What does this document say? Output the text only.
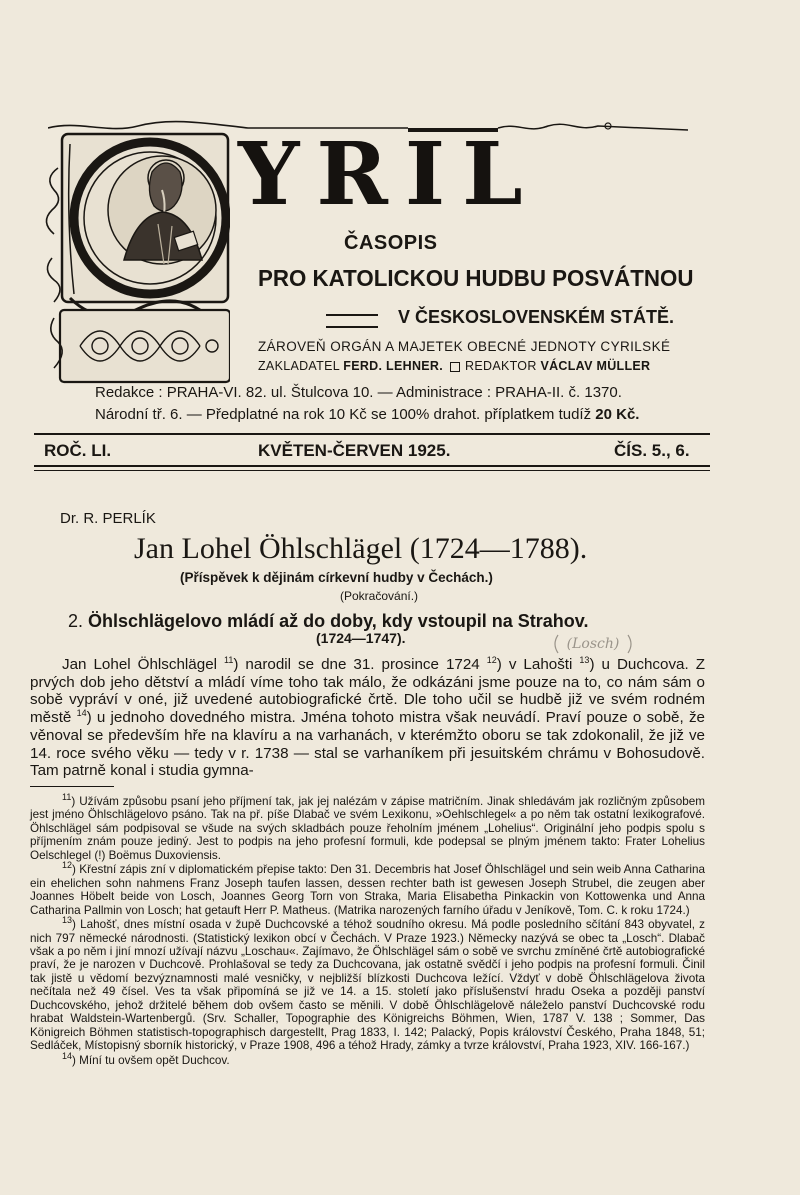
YRIL
ČASOPIS
PRO KATOLICKOU HUDBU POSVÁTNOU
V ČESKOSLOVENSKÉM STÁTĚ.
ZÁROVEŇ ORGÁN A MAJETEK OBECNÉ JEDNOTY CYRILSKÉ
ZAKLADATEL FERD. LEHNER. REDAKTOR VÁCLAV MÜLLER
Redakce : PRAHA-VI. 82. ul. Štulcova 10. — Administrace : PRAHA-II. č. 1370.
Národní tř. 6. — Předplatné na rok 10 Kč se 100% drahot. příplatkem tudíž 20 Kč.
ROČ. LI.	KVĚTEN-ČERVEN 1925.	ČÍS. 5., 6.
Dr. R. PERLÍK
Jan Lohel Öhlschlägel (1724—1788).
(Příspěvek k dějinám církevní hudby v Čechách.)
(Pokračování.)
2. Öhlschlägelovo mládí až do doby, kdy vstoupil na Strahov.
(1724—1747).	(Losch)

Jan Lohel Öhlschlägel $^{11}$) narodil se dne 31. prosince 1724 $^{12}$) v Lahošti $^{13}$) u Duchcova. Z prvých dob jeho dětství a mládí víme toho tak málo, že odkázáni jsme pouze na to, co nám sám o sobě vypráví v oné, již uvedené autobiografické črtě. Dle toho učil se hudbě již ve svém rodném městě $^{14}$) u jednoho dovedného mistra. Jména tohoto mistra však neuvádí. Praví pouze o sobě, že věnoval se především hře na klavíru a na varhanách, v kterémžto oboru se tak zdokonalil, že již ve 14. roce svého věku — tedy v r. 1738 — stal se varhaníkem při jesuitském chrámu v Bohosudově. Tam patrně konal i studia gymna-

$^{11}$) Užívám způsobu psaní jeho příjmení tak, jak jej nalézám v zápise matričním. Jinak shledávám jak rozličným způsobem jest jméno Öhlschlägelovo psáno. Tak na př. píše Dlabač ve svém Lexikonu, »Oehlschlegel« a po něm tak ostatní lexikografové. Öhlschlägel sám podpisoval se všude na svých skladbách pouze řeholním jménem „Lohelius“. Originální jeho podpis spolu s příjmením znám pouze jediný. Jest to podpis na jeho profesní formuli, kde podepsal se plným jménem takto: Frater Lohelius Oelschlegel (!) Boëmus Duxoviensis.

$^{12}$) Křestní zápis zní v diplomatickém přepise takto: Den 31. Decembris hat Josef Öhlschlägel und sein weib Anna Catharina ein ehelichen sohn nahmens Franz Joseph taufen lassen, dessen rechter bath ist gewesen Joseph Strubel, die zeugen aber Joannes Höbelt beide von Losch, Joannes Georg Torn von Straka, Maria Elisabetha Pinkackin von Kottowenka und Anna Catharina Pallmin von Losch; hat getauft Herr P. Matheus. (Matrika narozených farního úřadu v Jeníkově, Tom. C. k roku 1724.)

$^{13}$) Lahošť, dnes místní osada v župě Duchcovské a téhož soudního okresu. Má podle posledního sčítání 843 obyvatel, z nich 797 německé národnosti. (Statistický lexikon obcí v Čechách. V Praze 1923.) Německy nazývá se obec ta „Losch“. Dlabač však a po něm i jiní mnozí užívají názvu „Loschau«. Zajímavo, že Öhlschlägel sám o sobě ve svrchu zmíněné črtě autobiografické praví, že je narozen v Duchcově. Prohlašoval se tedy za Duchcovana, jak ostatně svědčí i jeho podpis na profesní formuli. Činil tak jistě u vědomí bezvýznamnosti malé vesničky, v nejbližší blízkosti Duchcova ležící. Vždyť v době Öhlschlägelova života nečítala než 49 čísel. Ves ta však připomíná se již ve 14. a 15. století jako příslušenství hradu Oseka a později panství Duchcovského, jehož držitelé během dob ovšem často se měnili. V době Öhlschlägelově náleželo panství Duchcovské rodu hrabat Waldstein-Wartenbergů. (Srv. Schaller, Topographie des Königreichs Böhmen, Wien, 1787 V. 138 ; Sommer, Das Königreich Böhmen statistisch-topographisch dargestellt, Prag 1833, I. 142; Palacký, Popis království Českého, Praha 1848, 51; Sedláček, Místopisný sborník historický, v Praze 1908, 496 a téhož Hrady, zámky a tvrze království, Praha 1923, XIV. 166-167.)

$^{14}$) Míní tu ovšem opět Duchcov.
